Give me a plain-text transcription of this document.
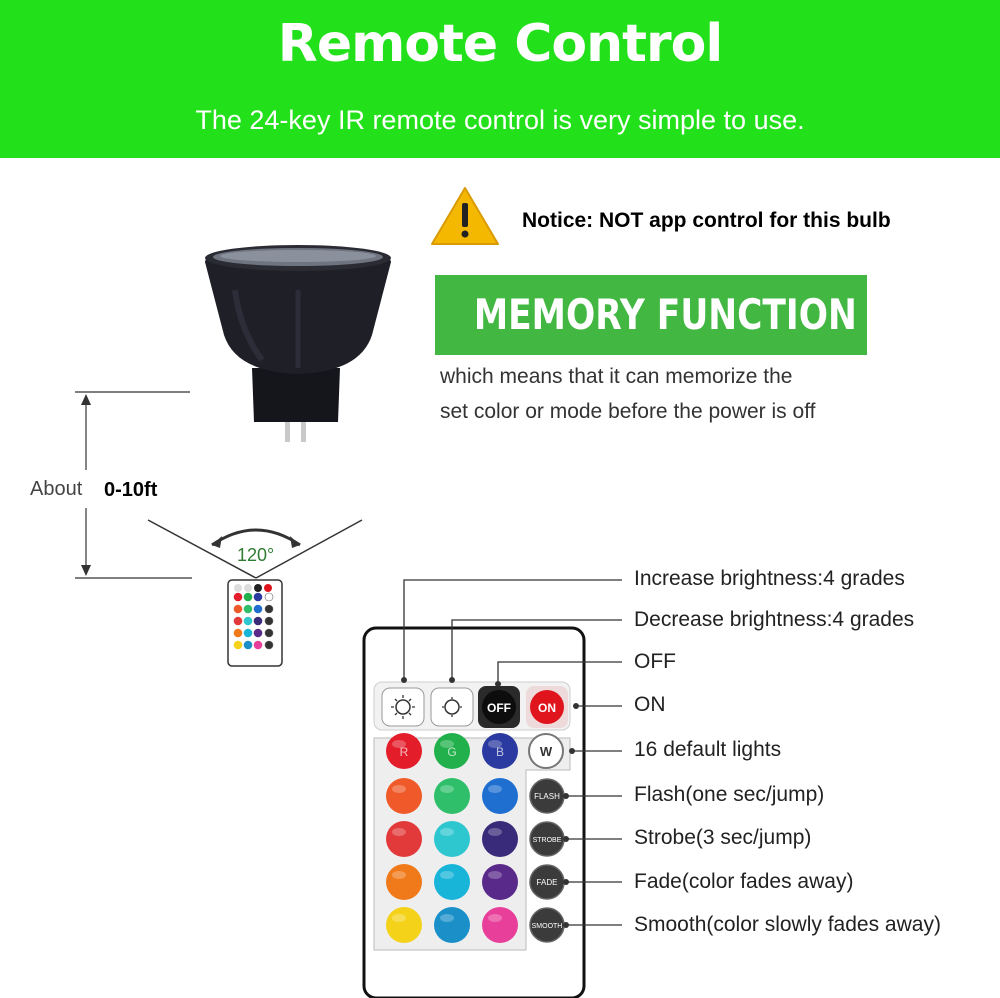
Remote Control
The 24-key IR remote control is very simple to use.
OFF ON
R	G	B
FLASH
STROBE
FADE
SMOOTH
W
Notice: NOT app control for this bulb
MEMORY FUNCTION
which means that it can memorize the
set color or mode before the power is off
About 0-10ft
120°
Increase brightness:4 grades
Decrease brightness:4 grades
OFF
ON
16 default lights
Flash(one sec/jump)
Strobe(3 sec/jump)
Fade(color fades away)
Smooth(color slowly fades away)
